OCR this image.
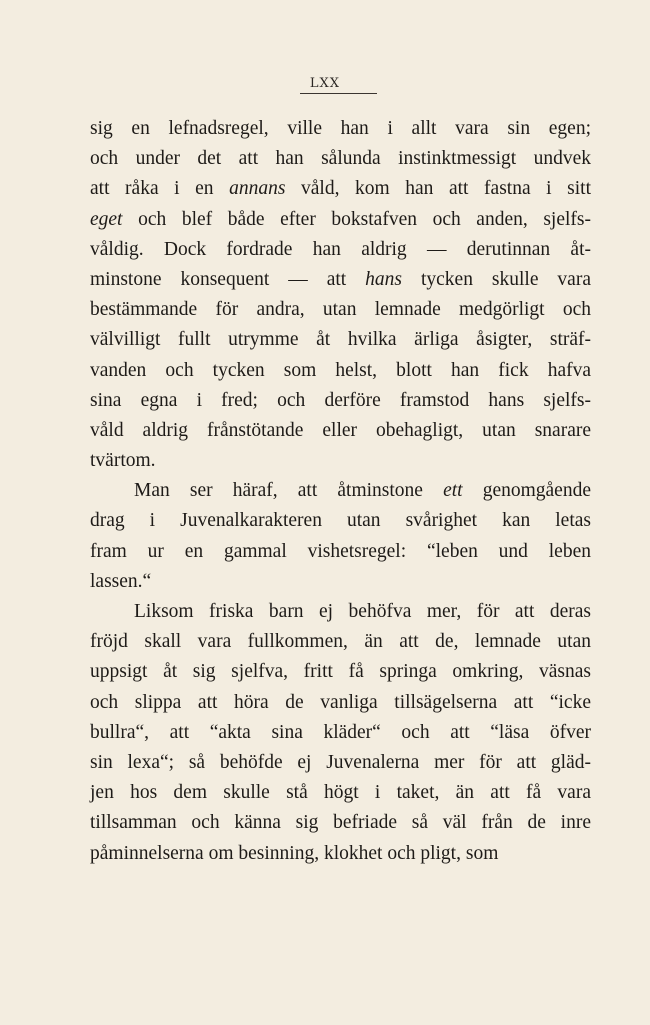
LXX
sig en lefnadsregel, ville han i allt vara sin egen;
och under det att han sålunda instinktmessigt undvek
att råka i en annans våld, kom han att fastna i sitt
eget och blef både efter bokstafven och anden, sjelfs-
våldig. Dock fordrade han aldrig — derutinnan åt-
minstone konsequent — att hans tycken skulle vara
bestämmande för andra, utan lemnade medgörligt och
välvilligt fullt utrymme åt hvilka ärliga åsigter, sträf-
vanden och tycken som helst, blott han fick hafva
sina egna i fred; och derföre framstod hans sjelfs-
våld aldrig frånstötande eller obehagligt, utan snarare
tvärtom.
Man ser häraf, att åtminstone ett genomgående
drag i Juvenalkarakteren utan svårighet kan letas
fram ur en gammal vishetsregel: “leben und leben
lassen.“
Liksom friska barn ej behöfva mer, för att deras
fröjd skall vara fullkommen, än att de, lemnade utan
uppsigt åt sig sjelfva, fritt få springa omkring, väsnas
och slippa att höra de vanliga tillsägelserna att “icke
bullra“, att “akta sina kläder“ och att “läsa öfver
sin lexa“; så behöfde ej Juvenalerna mer för att gläd-
jen hos dem skulle stå högt i taket, än att få vara
tillsamman och känna sig befriade så väl från de inre
påminnelserna om besinning, klokhet och pligt, som
